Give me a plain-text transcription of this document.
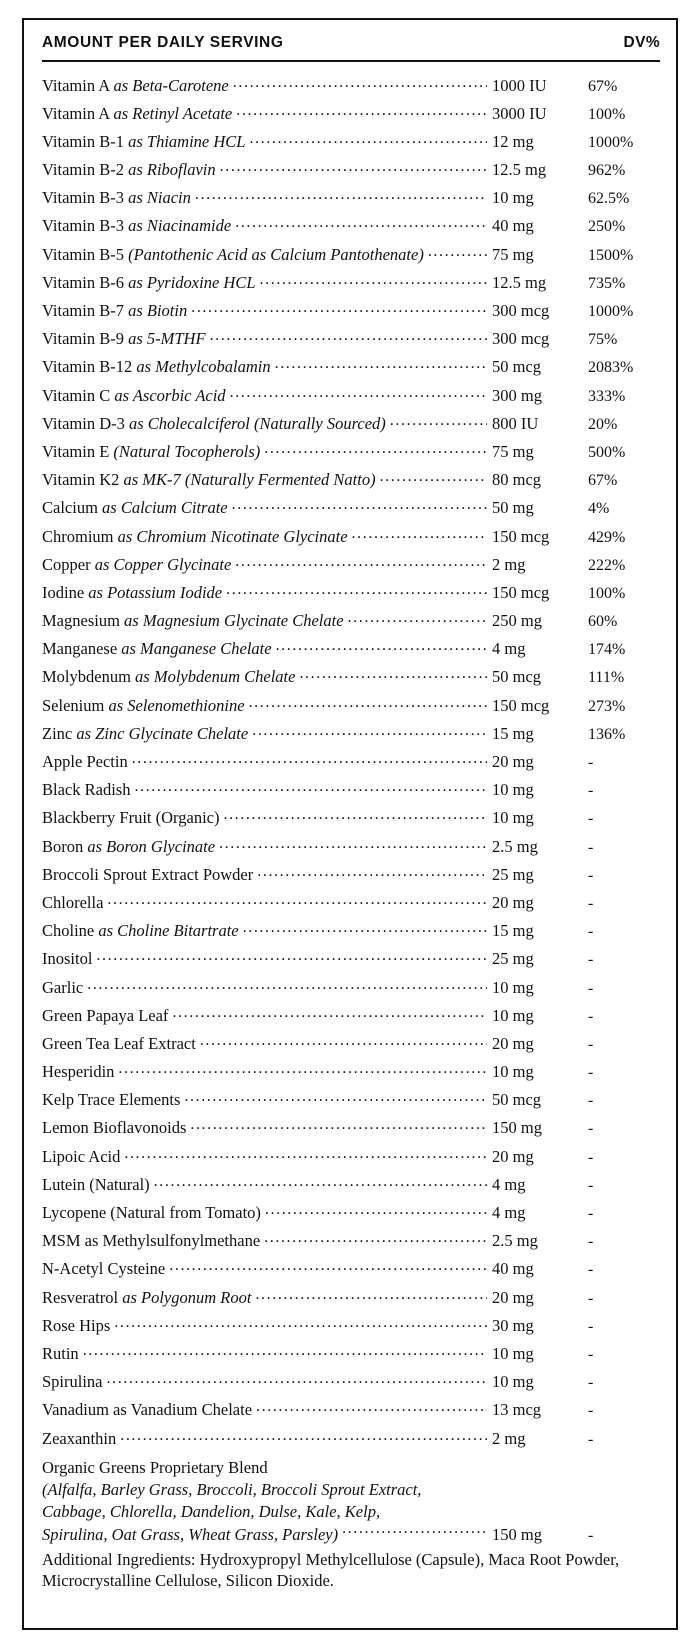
AMOUNT PER DAILY SERVING	DV%
Vitamin A as Beta-Carotene .....	1000 IU	67%
Vitamin A as Retinyl Acetate .....	3000 IU	100%
Vitamin B-1 as Thiamine HCL .....	12 mg	1000%
Vitamin B-2 as Riboflavin .....	12.5 mg	962%
Vitamin B-3 as Niacin .....	10 mg	62.5%
Vitamin B-3 as Niacinamide .....	40 mg	250%
Vitamin B-5 (Pantothenic Acid as Calcium Pantothenate) .....	75 mg	1500%
Vitamin B-6 as Pyridoxine HCL .....	12.5 mg	735%
Vitamin B-7 as Biotin .....	300 mcg	1000%
Vitamin B-9 as 5-MTHF .....	300 mcg	75%
Vitamin B-12 as Methylcobalamin .....	50 mcg	2083%
Vitamin C as Ascorbic Acid .....	300 mg	333%
Vitamin D-3 as Cholecalciferol (Naturally Sourced) .....	800 IU	20%
Vitamin E (Natural Tocopherols) .....	75 mg	500%
Vitamin K2 as MK-7 (Naturally Fermented Natto) .....	80 mcg	67%
Calcium as Calcium Citrate .....	50 mg	4%
Chromium as Chromium Nicotinate Glycinate .....	150 mcg	429%
Copper as Copper Glycinate .....	2 mg	222%
Iodine as Potassium Iodide .....	150 mcg	100%
Magnesium as Magnesium Glycinate Chelate .....	250 mg	60%
Manganese as Manganese Chelate .....	4 mg	174%
Molybdenum as Molybdenum Chelate .....	50 mcg	111%
Selenium as Selenomethionine .....	150 mcg	273%
Zinc as Zinc Glycinate Chelate .....	15 mg	136%
Apple Pectin .....	20 mg	-
Black Radish .....	10 mg	-
Blackberry Fruit (Organic) .....	10 mg	-
Boron as Boron Glycinate .....	2.5 mg	-
Broccoli Sprout Extract Powder .....	25 mg	-
Chlorella .....	20 mg	-
Choline as Choline Bitartrate .....	15 mg	-
Inositol .....	25 mg	-
Garlic .....	10 mg	-
Green Papaya Leaf .....	10 mg	-
Green Tea Leaf Extract .....	20 mg	-
Hesperidin .....	10 mg	-
Kelp Trace Elements .....	50 mcg	-
Lemon Bioflavonoids .....	150 mg	-
Lipoic Acid .....	20 mg	-
Lutein (Natural) .....	4 mg	-
Lycopene (Natural from Tomato) .....	4 mg	-
MSM as Methylsulfonylmethane .....	2.5 mg	-
N-Acetyl Cysteine .....	40 mg	-
Resveratrol as Polygonum Root .....	20 mg	-
Rose Hips .....	30 mg	-
Rutin .....	10 mg	-
Spirulina .....	10 mg	-
Vanadium as Vanadium Chelate .....	13 mcg	-
Zeaxanthin .....	2 mg	-
Organic Greens Proprietary Blend
(Alfalfa, Barley Grass, Broccoli, Broccoli Sprout Extract,
Cabbage, Chlorella, Dandelion, Dulse, Kale, Kelp,
Spirulina, Oat Grass, Wheat Grass, Parsley) .....	150 mg	-
Additional Ingredients: Hydroxypropyl Methylcellulose (Capsule), Maca Root Powder, Microcrystalline Cellulose, Silicon Dioxide.
